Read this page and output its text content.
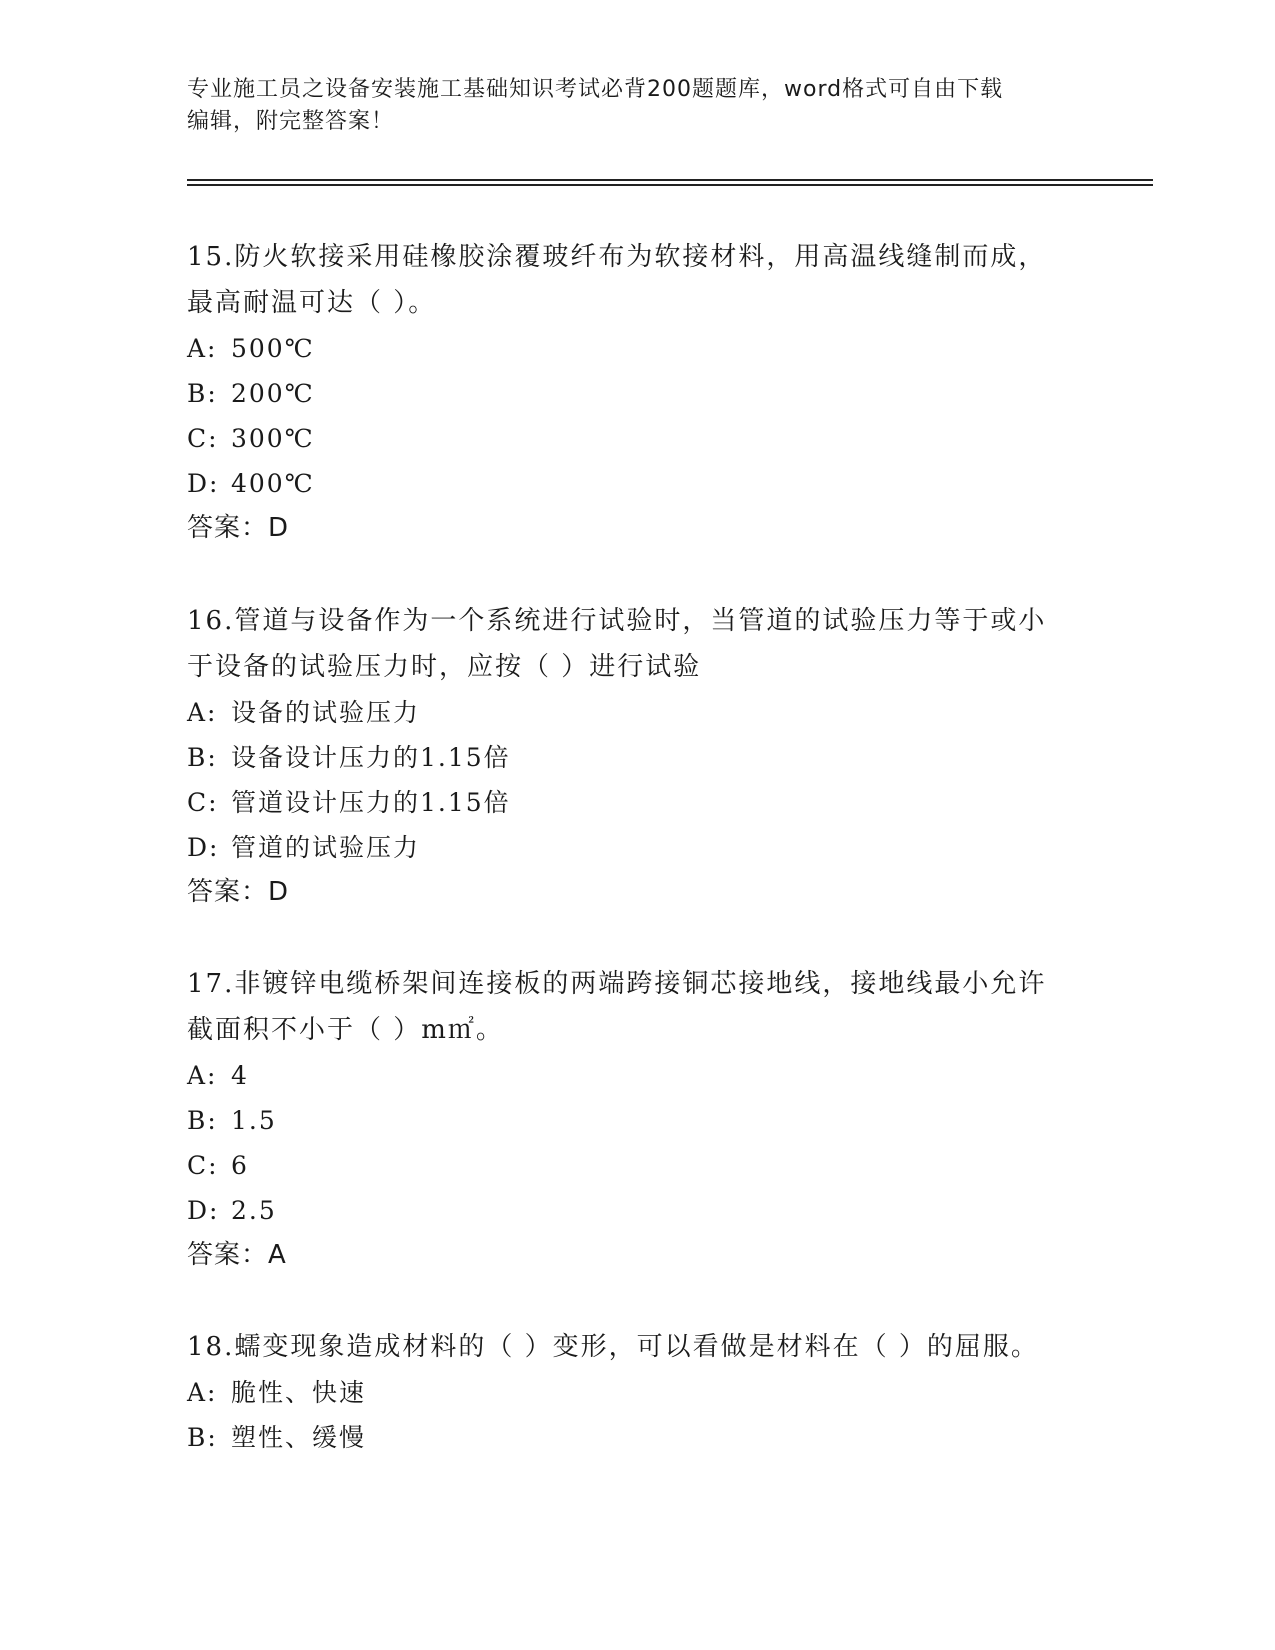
专业施工员之设备安装施工基础知识考试必背200题题库，word格式可自由下载
编辑，附完整答案！

15.防火软接采用硅橡胶涂覆玻纤布为软接材料，用高温线缝制而成，

最高耐温可达（ ）。

A: 500℃

B: 200℃

C: 300℃

D: 400℃

答案：D

16.管道与设备作为一个系统进行试验时，当管道的试验压力等于或小

于设备的试验压力时，应按（ ）进行试验

A: 设备的试验压力

B: 设备设计压力的1.15倍

C: 管道设计压力的1.15倍

D: 管道的试验压力

答案：D

17.非镀锌电缆桥架间连接板的两端跨接铜芯接地线，接地线最小允许

截面积不小于（ ）m㎡。

A: 4

B: 1.5

C: 6

D: 2.5

答案：A

18.蠕变现象造成材料的（ ）变形，可以看做是材料在（ ）的屈服。

A: 脆性、快速

B: 塑性、缓慢
